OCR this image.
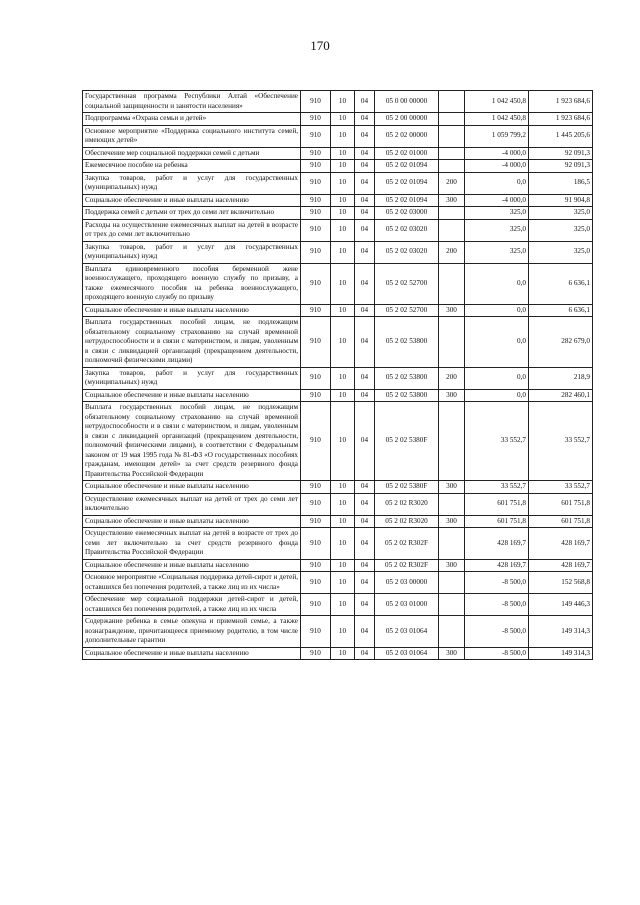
170
Государственная программа Республики Алтай «Обеспечение социальной защищенности и занятости населения»	910	10	04	05 0 00 00000		1 042 450,8	1 923 684,6
Подпрограмма «Охрана семьи и детей»	910	10	04	05 2 00 00000		1 042 450,8	1 923 684,6
Основное мероприятие «Поддержка социального института семей, имеющих детей»	910	10	04	05 2 02 00000		1 059 799,2	1 445 205,6
Обеспечение мер социальной поддержки семей с детьми	910	10	04	05 2 02 01000		-4 000,0	92 091,3
Ежемесячное пособие на ребенка	910	10	04	05 2 02 01094		-4 000,0	92 091,3
Закупка товаров, работ и услуг для государственных (муниципальных) нужд	910	10	04	05 2 02 01094	200	0,0	186,5
Социальное обеспечение и иные выплаты населению	910	10	04	05 2 02 01094	300	-4 000,0	91 904,8
Поддержка семей с детьми от трех до семи лет включительно	910	10	04	05 2 02 03000		325,0	325,0
Расходы на осуществление ежемесячных выплат на детей в возрасте от трех до семи лет включительно	910	10	04	05 2 02 03020		325,0	325,0
Закупка товаров, работ и услуг для государственных (муниципальных) нужд	910	10	04	05 2 02 03020	200	325,0	325,0
Выплата единовременного пособия беременной жене военнослужащего, проходящего военную службу по призыву, а также ежемесячного пособия на ребенка военнослужащего, проходящего военную службу по призыву	910	10	04	05 2 02 52700		0,0	6 636,1
Социальное обеспечение и иные выплаты населению	910	10	04	05 2 02 52700	300	0,0	6 636,1
Выплата государственных пособий лицам, не подлежащим обязательному социальному страхованию на случай временной нетрудоспособности и в связи с материнством, и лицам, уволенным в связи с ликвидацией организаций (прекращением деятельности, полномочий физическими лицами)	910	10	04	05 2 02 53800		0,0	282 679,0
Закупка товаров, работ и услуг для государственных (муниципальных) нужд	910	10	04	05 2 02 53800	200	0,0	218,9
Социальное обеспечение и иные выплаты населению	910	10	04	05 2 02 53800	300	0,0	282 460,1
Выплата государственных пособий лицам, не подлежащим обязательному социальному страхованию на случай временной нетрудоспособности и в связи с материнством, и лицам, уволенным в связи с ликвидацией организаций (прекращением деятельности, полномочий физическими лицами), в соответствии с Федеральным законом от 19 мая 1995 года № 81-ФЗ «О государственных пособиях гражданам, имеющим детей» за счет средств резервного фонда Правительства Российской Федерации	910	10	04	05 2 02 5380F		33 552,7	33 552,7
Социальное обеспечение и иные выплаты населению	910	10	04	05 2 02 5380F	300	33 552,7	33 552,7
Осуществление ежемесячных выплат на детей от трех до семи лет включительно	910	10	04	05 2 02 R3020		601 751,8	601 751,8
Социальное обеспечение и иные выплаты населению	910	10	04	05 2 02 R3020	300	601 751,8	601 751,8
Осуществление ежемесячных выплат на детей в возрасте от трех до семи лет включительно за счет средств резервного фонда Правительства Российской Федерации	910	10	04	05 2 02 R302F		428 169,7	428 169,7
Социальное обеспечение и иные выплаты населению	910	10	04	05 2 02 R302F	300	428 169,7	428 169,7
Основное мероприятие «Социальная поддержка детей-сирот и детей, оставшихся без попечения родителей, а также лиц из их числа»	910	10	04	05 2 03 00000		-8 500,0	152 568,8
Обеспечение мер социальной поддержки детей-сирот и детей, оставшихся без попечения родителей, а также лиц из их числа	910	10	04	05 2 03 01000		-8 500,0	149 446,3
Содержание ребенка в семье опекуна и приемной семье, а также вознаграждение, причитающееся приемному родителю, в том числе дополнительные гарантии	910	10	04	05 2 03 01064		-8 500,0	149 314,3
Социальное обеспечение и иные выплаты населению	910	10	04	05 2 03 01064	300	-8 500,0	149 314,3
